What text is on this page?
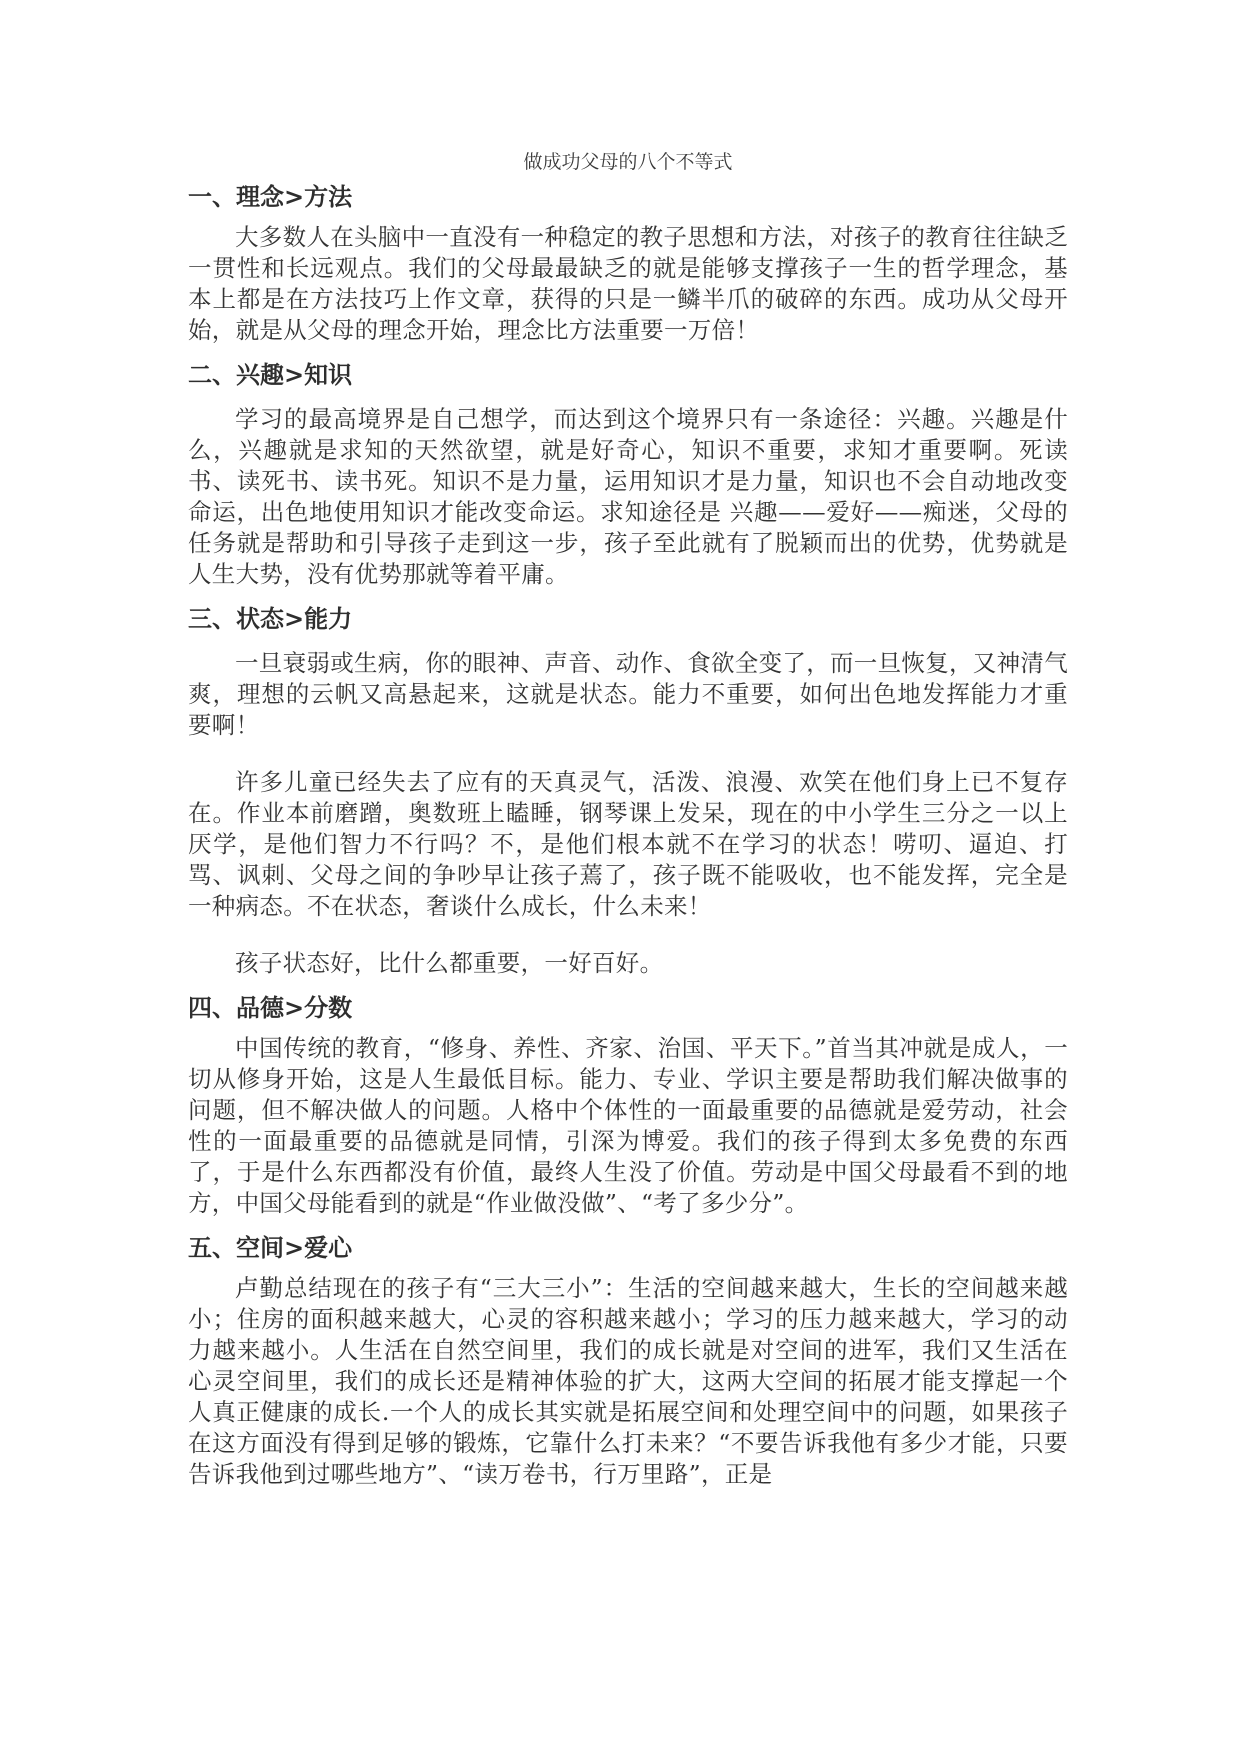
做成功父母的八个不等式
一、理念>方法

大多数人在头脑中一直没有一种稳定的教子思想和方法，对孩子的教育往往缺乏一贯性和长远观点。我们的父母最最缺乏的就是能够支撑孩子一生的哲学理念，基本上都是在方法技巧上作文章，获得的只是一鳞半爪的破碎的东西。成功从父母开始，就是从父母的理念开始，理念比方法重要一万倍！

二、兴趣>知识

学习的最高境界是自己想学，而达到这个境界只有一条途径：兴趣。兴趣是什么，兴趣就是求知的天然欲望，就是好奇心，知识不重要，求知才重要啊。死读书、读死书、读书死。知识不是力量，运用知识才是力量，知识也不会自动地改变命运，出色地使用知识才能改变命运。求知途径是 兴趣——爱好——痴迷，父母的任务就是帮助和引导孩子走到这一步，孩子至此就有了脱颖而出的优势，优势就是人生大势，没有优势那就等着平庸。

三、状态>能力

一旦衰弱或生病，你的眼神、声音、动作、食欲全变了，而一旦恢复，又神清气爽，理想的云帆又高悬起来，这就是状态。能力不重要，如何出色地发挥能力才重要啊！

许多儿童已经失去了应有的天真灵气，活泼、浪漫、欢笑在他们身上已不复存在。作业本前磨蹭，奥数班上瞌睡，钢琴课上发呆，现在的中小学生三分之一以上厌学，是他们智力不行吗？不，是他们根本就不在学习的状态！唠叨、逼迫、打骂、讽刺、父母之间的争吵早让孩子蔫了，孩子既不能吸收，也不能发挥，完全是一种病态。不在状态，奢谈什么成长，什么未来！

孩子状态好，比什么都重要，一好百好。

四、品德>分数

中国传统的教育，“修身、养性、齐家、治国、平天下。”首当其冲就是成人，一切从修身开始，这是人生最低目标。能力、专业、学识主要是帮助我们解决做事的问题，但不解决做人的问题。人格中个体性的一面最重要的品德就是爱劳动，社会性的一面最重要的品德就是同情，引深为博爱。我们的孩子得到太多免费的东西了，于是什么东西都没有价值，最终人生没了价值。劳动是中国父母最看不到的地方，中国父母能看到的就是“作业做没做”、“考了多少分”。

五、空间>爱心

卢勤总结现在的孩子有“三大三小”：生活的空间越来越大，生长的空间越来越小；住房的面积越来越大，心灵的容积越来越小；学习的压力越来越大，学习的动力越来越小。人生活在自然空间里，我们的成长就是对空间的进军，我们又生活在心灵空间里，我们的成长还是精神体验的扩大，这两大空间的拓展才能支撑起一个人真正健康的成长.一个人的成长其实就是拓展空间和处理空间中的问题，如果孩子在这方面没有得到足够的锻炼，它靠什么打未来？“不要告诉我他有多少才能，只要告诉我他到过哪些地方”、“读万卷书，行万里路”，正是
